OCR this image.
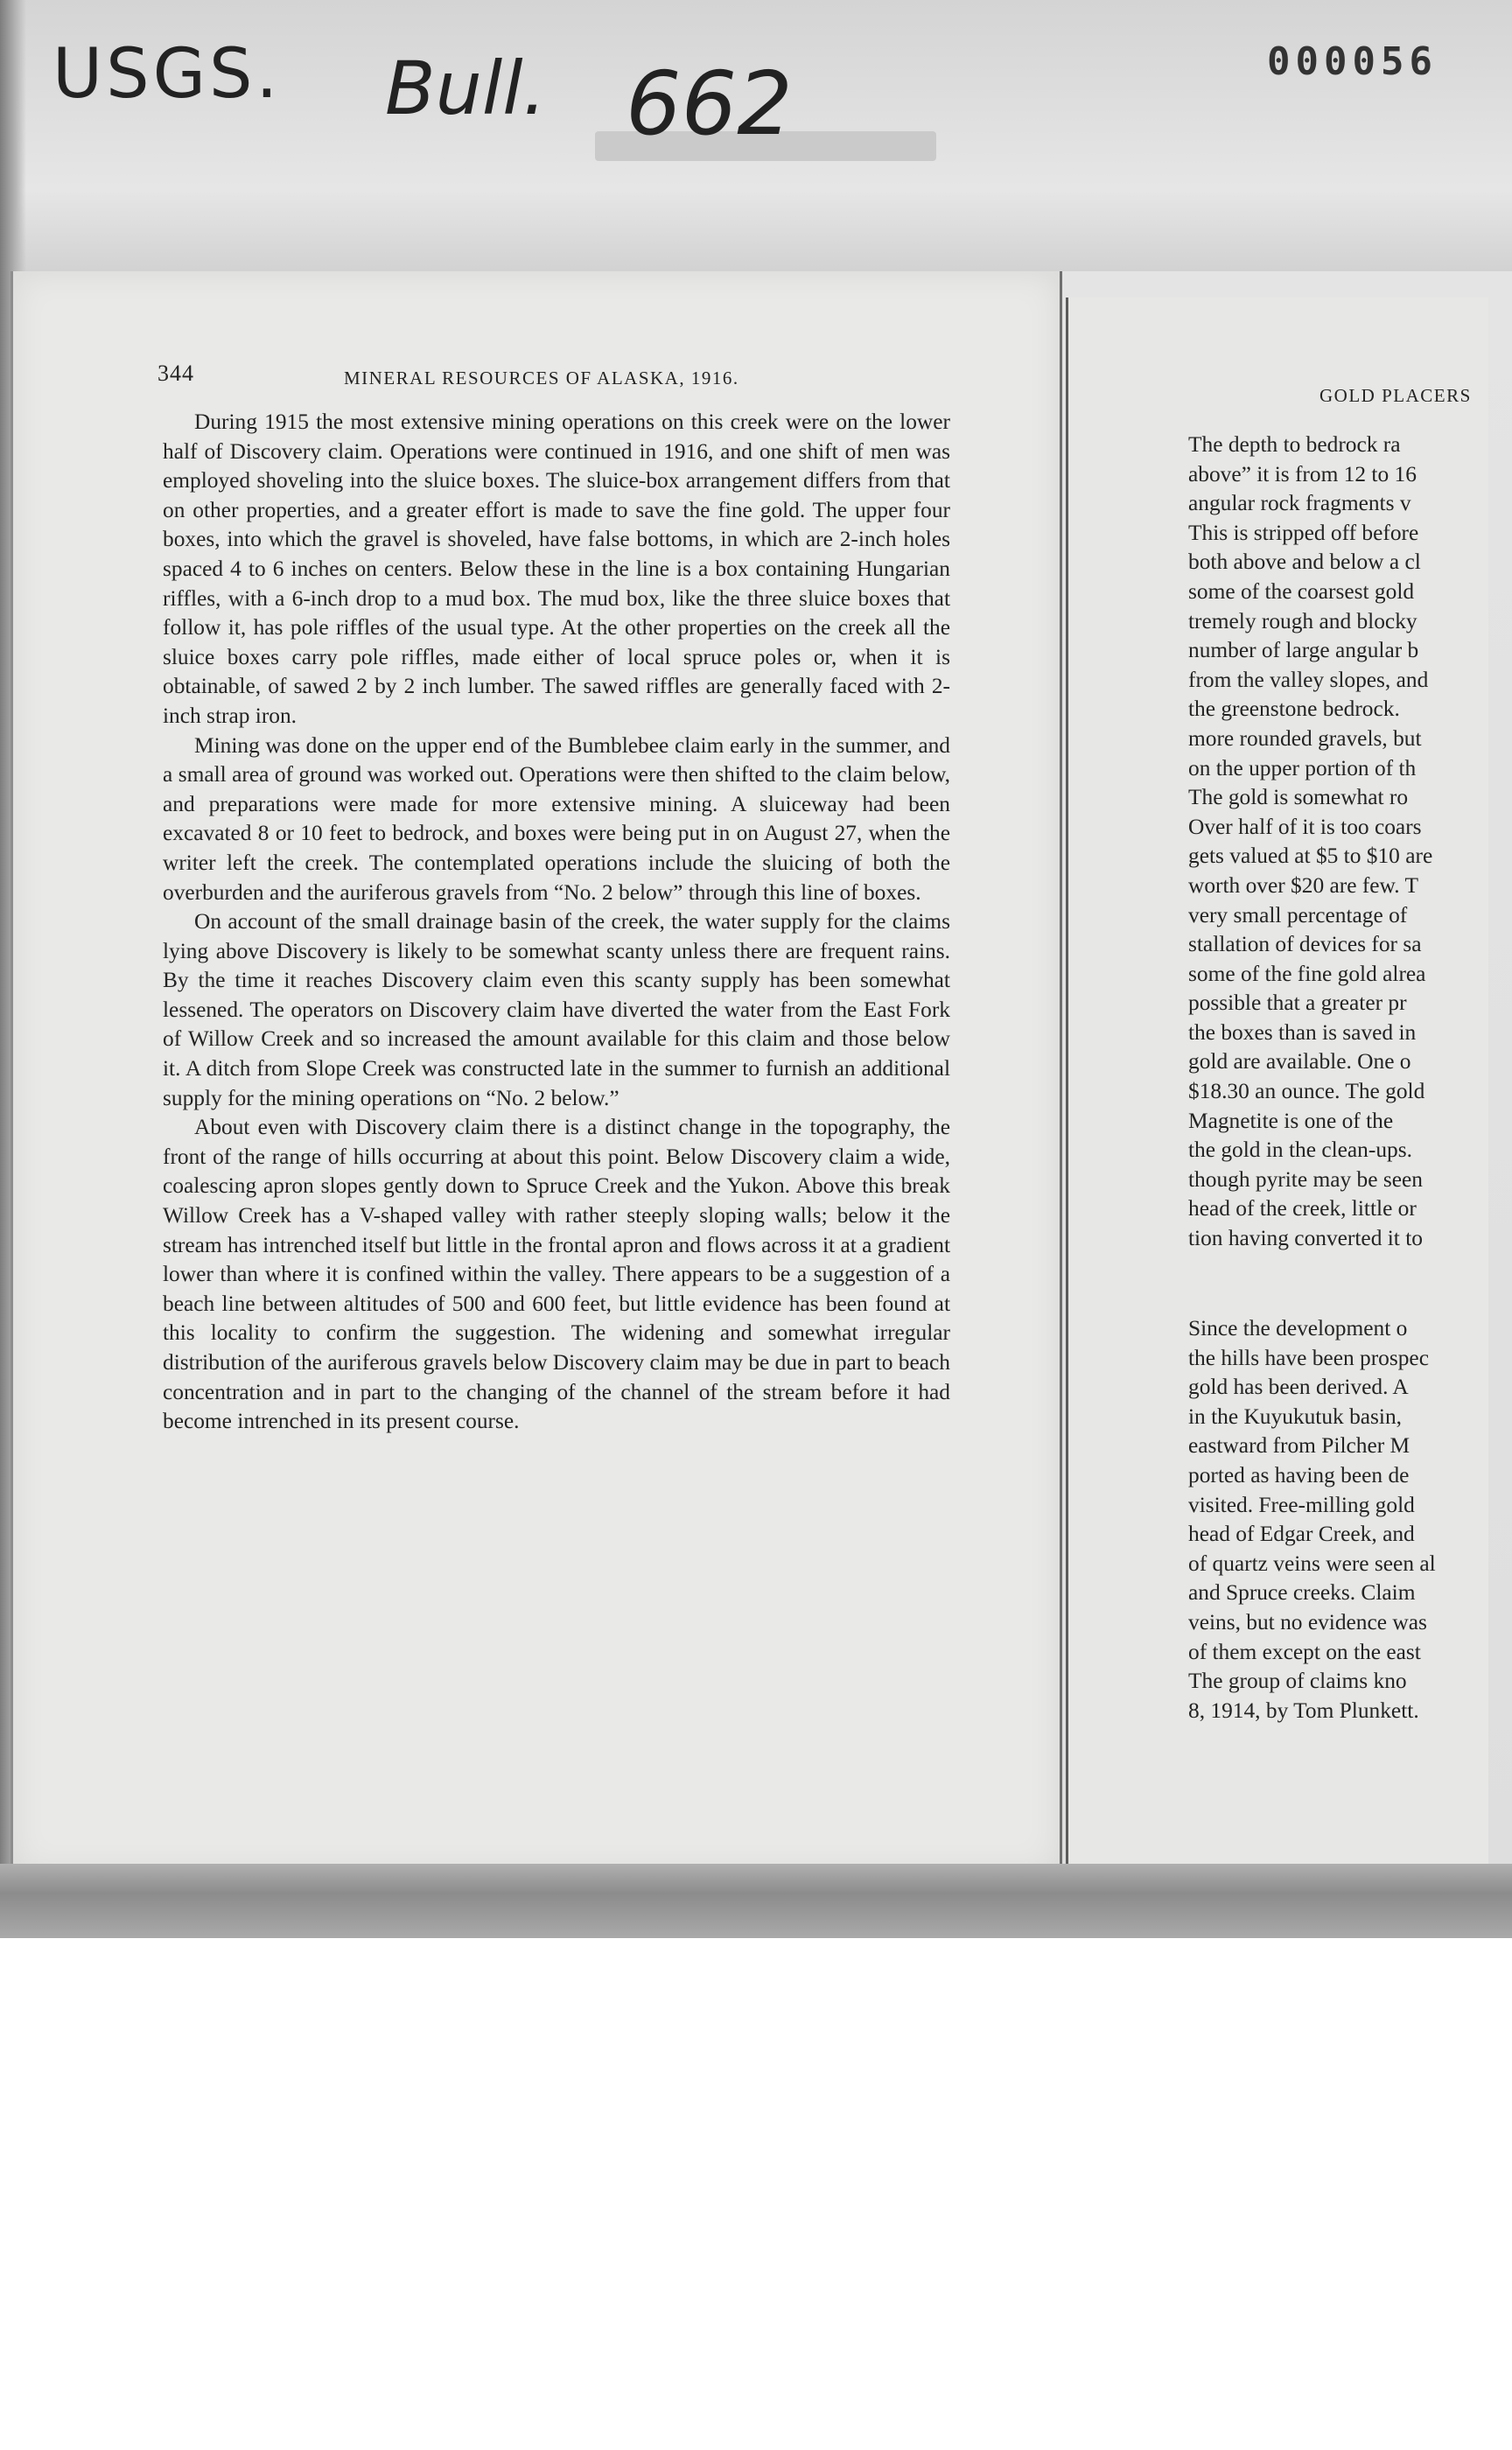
USGS. Bull. 662	000056
344	MINERAL RESOURCES OF ALASKA, 1916.

During 1915 the most extensive mining operations on this creek were on the lower half of Discovery claim. Operations were continued in 1916, and one shift of men was employed shoveling into the sluice boxes. The sluice-box arrangement differs from that on other properties, and a greater effort is made to save the fine gold. The upper four boxes, into which the gravel is shoveled, have false bottoms, in which are 2-inch holes spaced 4 to 6 inches on centers. Below these in the line is a box containing Hungarian riffles, with a 6-inch drop to a mud box. The mud box, like the three sluice boxes that follow it, has pole riffles of the usual type. At the other properties on the creek all the sluice boxes carry pole riffles, made either of local spruce poles or, when it is obtainable, of sawed 2 by 2 inch lumber. The sawed riffles are generally faced with 2-inch strap iron.

Mining was done on the upper end of the Bumblebee claim early in the summer, and a small area of ground was worked out. Operations were then shifted to the claim below, and preparations were made for more extensive mining. A sluiceway had been excavated 8 or 10 feet to bedrock, and boxes were being put in on August 27, when the writer left the creek. The contemplated operations include the sluicing of both the overburden and the auriferous gravels from “No. 2 below” through this line of boxes.

On account of the small drainage basin of the creek, the water supply for the claims lying above Discovery is likely to be somewhat scanty unless there are frequent rains. By the time it reaches Discovery claim even this scanty supply has been somewhat lessened. The operators on Discovery claim have diverted the water from the East Fork of Willow Creek and so increased the amount available for this claim and those below it. A ditch from Slope Creek was constructed late in the summer to furnish an additional supply for the mining operations on “No. 2 below.”

About even with Discovery claim there is a distinct change in the topography, the front of the range of hills occurring at about this point. Below Discovery claim a wide, coalescing apron slopes gently down to Spruce Creek and the Yukon. Above this break Willow Creek has a V-shaped valley with rather steeply sloping walls; below it the stream has intrenched itself but little in the frontal apron and flows across it at a gradient lower than where it is confined within the valley. There appears to be a suggestion of a beach line between altitudes of 500 and 600 feet, but little evidence has been found at this locality to confirm the suggestion. The widening and somewhat irregular distribution of the auriferous gravels below Discovery claim may be due in part to beach concentration and in part to the changing of the channel of the stream before it had become intrenched in its present course.

GOLD PLACERS
The depth to bedrock ra
above” it is from 12 to 16
angular rock fragments v
This is stripped off before
both above and below a cl
some of the coarsest gold
tremely rough and blocky
number of large angular b
from the valley slopes, and
the greenstone bedrock.
more rounded gravels, but
on the upper portion of th
The gold is somewhat ro
Over half of it is too coars
gets valued at $5 to $10 are
worth over $20 are few. T
very small percentage of
stallation of devices for sa
some of the fine gold alrea
possible that a greater pr
the boxes than is saved in
gold are available. One o
$18.30 an ounce. The gold
Magnetite is one of the
the gold in the clean-ups.
though pyrite may be seen
head of the creek, little or
tion having converted it to
Since the development o
the hills have been prospec
gold has been derived. A
in the Kuyukutuk basin,
eastward from Pilcher M
ported as having been de
visited. Free-milling gold
head of Edgar Creek, and
of quartz veins were seen al
and Spruce creeks. Claim
veins, but no evidence was
of them except on the east
The group of claims kno
8, 1914, by Tom Plunkett.
